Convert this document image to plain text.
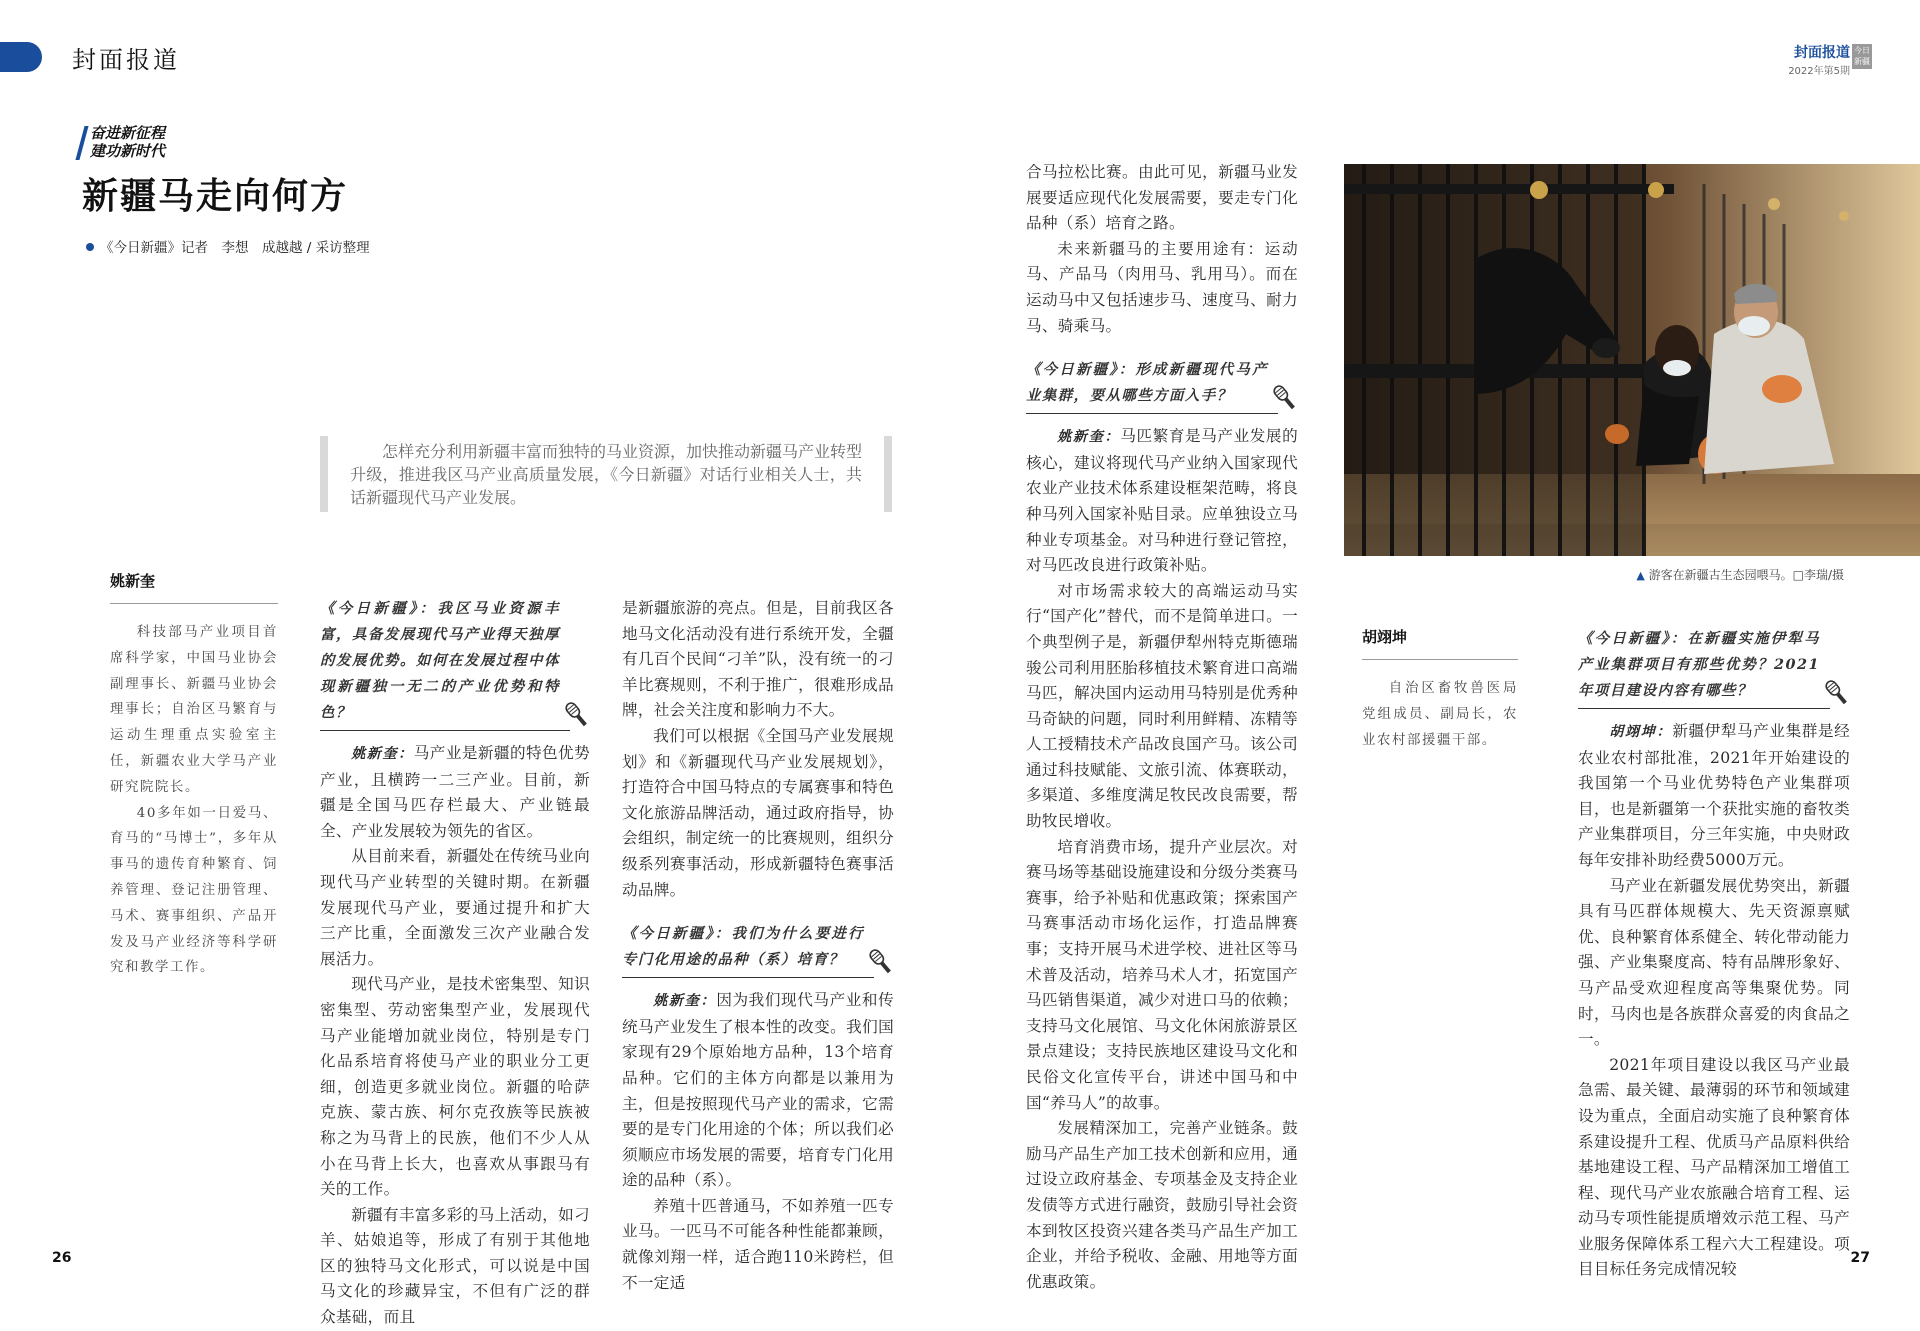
封面报道	封面报道
2022年第5期
今日新疆
奋进新征程
建功新时代
新疆马走向何方
《今日新疆》记者　李想　成越越 / 采访整理
怎样充分利用新疆丰富而独特的马业资源，加快推动新疆马产业转型升级，推进我区马产业高质量发展，《今日新疆》对话行业相关人士，共话新疆现代马产业发展。
姚新奎

科技部马产业项目首席科学家，中国马业协会副理事长、新疆马业协会理事长；自治区马繁育与运动生理重点实验室主任，新疆农业大学马产业研究院院长。

40多年如一日爱马、育马的“马博士”，多年从事马的遗传育种繁育、饲养管理、登记注册管理、马术、赛事组织、产品开发及马产业经济等科学研究和教学工作。

《今日新疆》：我区马业资源丰富，具备发展现代马产业得天独厚的发展优势。如何在发展过程中体现新疆独一无二的产业优势和特色？

姚新奎：马产业是新疆的特色优势产业，且横跨一二三产业。目前，新疆是全国马匹存栏最大、产业链最全、产业发展较为领先的省区。

从目前来看，新疆处在传统马业向现代马产业转型的关键时期。在新疆发展现代马产业，要通过提升和扩大三产比重，全面激发三次产业融合发展活力。

现代马产业，是技术密集型、知识密集型、劳动密集型产业，发展现代马产业能增加就业岗位，特别是专门化品系培育将使马产业的职业分工更细，创造更多就业岗位。新疆的哈萨克族、蒙古族、柯尔克孜族等民族被称之为马背上的民族，他们不少人从小在马背上长大，也喜欢从事跟马有关的工作。

新疆有丰富多彩的马上活动，如刁羊、姑娘追等，形成了有别于其他地区的独特马文化形式，可以说是中国马文化的珍藏异宝，不但有广泛的群众基础，而且

是新疆旅游的亮点。但是，目前我区各地马文化活动没有进行系统开发，全疆有几百个民间“刁羊”队，没有统一的刁羊比赛规则，不利于推广，很难形成品牌，社会关注度和影响力不大。

我们可以根据《全国马产业发展规划》和《新疆现代马产业发展规划》，打造符合中国马特点的专属赛事和特色文化旅游品牌活动，通过政府指导，协会组织，制定统一的比赛规则，组织分级系列赛事活动，形成新疆特色赛事活动品牌。

《今日新疆》：我们为什么要进行专门化用途的品种（系）培育？

姚新奎：因为我们现代马产业和传统马产业发生了根本性的改变。我们国家现有29个原始地方品种，13个培育品种。它们的主体方向都是以兼用为主，但是按照现代马产业的需求，它需要的是专门化用途的个体；所以我们必须顺应市场发展的需要，培育专门化用途的品种（系）。

养殖十匹普通马，不如养殖一匹专业马。一匹马不可能各种性能都兼顾，就像刘翔一样，适合跑110米跨栏，但不一定适

合马拉松比赛。由此可见，新疆马业发展要适应现代化发展需要，要走专门化品种（系）培育之路。

未来新疆马的主要用途有：运动马、产品马（肉用马、乳用马）。而在运动马中又包括速步马、速度马、耐力马、骑乘马。

《今日新疆》：形成新疆现代马产业集群，要从哪些方面入手？

姚新奎：马匹繁育是马产业发展的核心，建议将现代马产业纳入国家现代农业产业技术体系建设框架范畴，将良种马列入国家补贴目录。应单独设立马种业专项基金。对马种进行登记管控，对马匹改良进行政策补贴。

对市场需求较大的高端运动马实行“国产化”替代，而不是简单进口。一个典型例子是，新疆伊犁州特克斯德瑞骏公司利用胚胎移植技术繁育进口高端马匹，解决国内运动用马特别是优秀种马奇缺的问题，同时利用鲜精、冻精等人工授精技术产品改良国产马。该公司通过科技赋能、文旅引流、体赛联动，多渠道、多维度满足牧民改良需要，帮助牧民增收。

培育消费市场，提升产业层次。对赛马场等基础设施建设和分级分类赛马赛事，给予补贴和优惠政策；探索国产马赛事活动市场化运作，打造品牌赛事；支持开展马术进学校、进社区等马术普及活动，培养马术人才，拓宽国产马匹销售渠道，减少对进口马的依赖；支持马文化展馆、马文化休闲旅游景区景点建设；支持民族地区建设马文化和民俗文化宣传平台，讲述中国马和中国“养马人”的故事。

发展精深加工，完善产业链条。鼓励马产品生产加工技术创新和应用，通过设立政府基金、专项基金及支持企业发债等方式进行融资，鼓励引导社会资本到牧区投资兴建各类马产品生产加工企业，并给予税收、金融、用地等方面优惠政策。

▲ 游客在新疆古生态园喂马。□李瑞/摄
胡翊坤

自治区畜牧兽医局党组成员、副局长，农业农村部援疆干部。

《今日新疆》：在新疆实施伊犁马产业集群项目有那些优势？2021年项目建设内容有哪些？

胡翊坤：新疆伊犁马产业集群是经农业农村部批准，2021年开始建设的我国第一个马业优势特色产业集群项目，也是新疆第一个获批实施的畜牧类产业集群项目，分三年实施，中央财政每年安排补助经费5000万元。

马产业在新疆发展优势突出，新疆具有马匹群体规模大、先天资源禀赋优、良种繁育体系健全、转化带动能力强、产业集聚度高、特有品牌形象好、马产品受欢迎程度高等集聚优势。同时，马肉也是各族群众喜爱的肉食品之一。

2021年项目建设以我区马产业最急需、最关键、最薄弱的环节和领域建设为重点，全面启动实施了良种繁育体系建设提升工程、优质马产品原料供给基地建设工程、马产品精深加工增值工程、现代马产业农旅融合培育工程、运动马专项性能提质增效示范工程、马产业服务保障体系工程六大工程建设。项目目标任务完成情况较

26	27
